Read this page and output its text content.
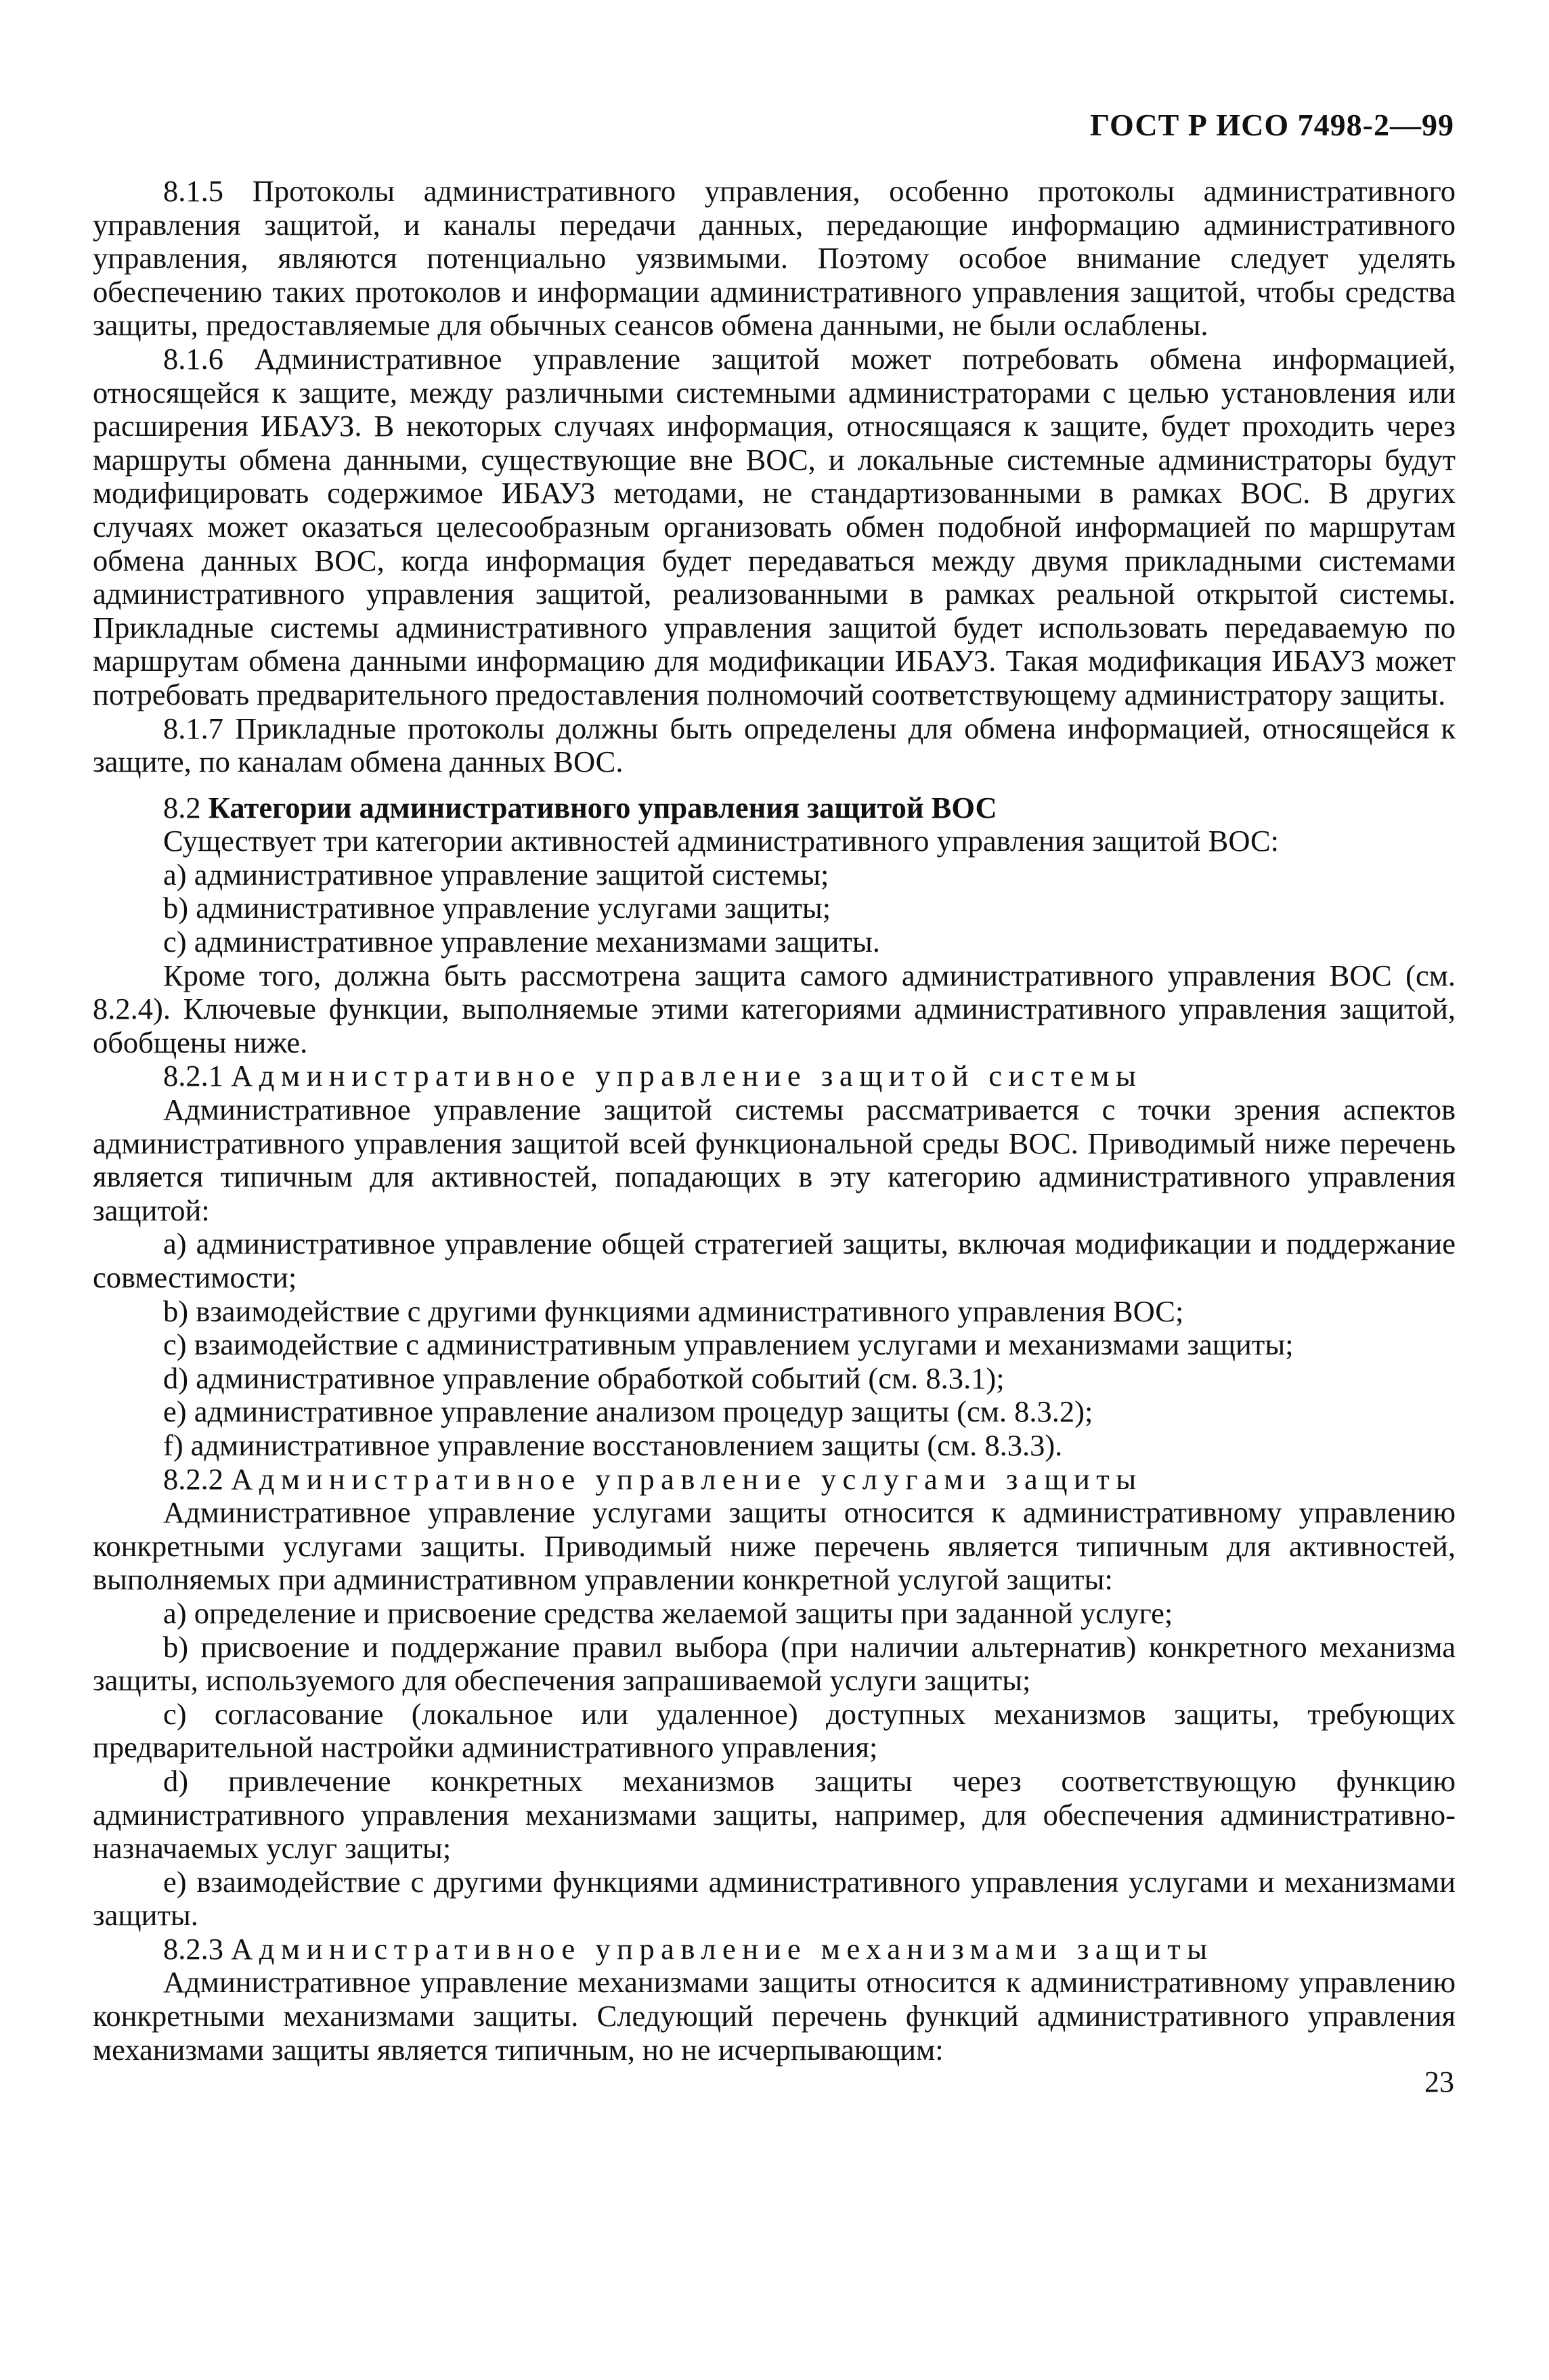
ГОСТ Р ИСО 7498-2—99

8.1.5 Протоколы административного управления, особенно протоколы административного управления защитой, и каналы передачи данных, передающие информацию административного управления, являются потенциально уязвимыми. Поэтому особое внимание следует уделять обеспечению таких протоколов и информации административного управления защитой, чтобы средства защиты, предоставляемые для обычных сеансов обмена данными, не были ослаблены.

8.1.6 Административное управление защитой может потребовать обмена информацией, относящейся к защите, между различными системными администраторами с целью установления или расширения ИБАУЗ. В некоторых случаях информация, относящаяся к защите, будет проходить через маршруты обмена данными, существующие вне ВОС, и локальные системные администраторы будут модифицировать содержимое ИБАУЗ методами, не стандартизованными в рамках ВОС. В других случаях может оказаться целесообразным организовать обмен подобной информацией по маршрутам обмена данных ВОС, когда информация будет передаваться между двумя прикладными системами административного управления защитой, реализованными в рамках реальной открытой системы. Прикладные системы административного управления защитой будет использовать передаваемую по маршрутам обмена данными информацию для модификации ИБАУЗ. Такая модификация ИБАУЗ может потребовать предварительного предоставления полномочий соответствующему администратору защиты.

8.1.7 Прикладные протоколы должны быть определены для обмена информацией, относящейся к защите, по каналам обмена данных ВОС.

8.2 Категории административного управления защитой ВОС

Существует три категории активностей административного управления защитой ВОС:

a) административное управление защитой системы;

b) административное управление услугами защиты;

c) административное управление механизмами защиты.

Кроме того, должна быть рассмотрена защита самого административного управления ВОС (см. 8.2.4). Ключевые функции, выполняемые этими категориями административного управления защитой, обобщены ниже.

8.2.1 Административное управление защитой системы

Административное управление защитой системы рассматривается с точки зрения аспектов административного управления защитой всей функциональной среды ВОС. Приводимый ниже перечень является типичным для активностей, попадающих в эту категорию административного управления защитой:

a) административное управление общей стратегией защиты, включая модификации и поддержание совместимости;

b) взаимодействие с другими функциями административного управления ВОС;

c) взаимодействие с административным управлением услугами и механизмами защиты;

d) административное управление обработкой событий (см. 8.3.1);

e) административное управление анализом процедур защиты (см. 8.3.2);

f) административное управление восстановлением защиты (см. 8.3.3).

8.2.2 Административное управление услугами защиты

Административное управление услугами защиты относится к административному управлению конкретными услугами защиты. Приводимый ниже перечень является типичным для активностей, выполняемых при административном управлении конкретной услугой защиты:

a) определение и присвоение средства желаемой защиты при заданной услуге;

b) присвоение и поддержание правил выбора (при наличии альтернатив) конкретного механизма защиты, используемого для обеспечения запрашиваемой услуги защиты;

c) согласование (локальное или удаленное) доступных механизмов защиты, требующих предварительной настройки административного управления;

d) привлечение конкретных механизмов защиты через соответствующую функцию административного управления механизмами защиты, например, для обеспечения административно-назначаемых услуг защиты;

e) взаимодействие с другими функциями административного управления услугами и механизмами защиты.

8.2.3 Административное управление механизмами защиты

Административное управление механизмами защиты относится к административному управлению конкретными механизмами защиты. Следующий перечень функций административного управления механизмами защиты является типичным, но не исчерпывающим:

23
